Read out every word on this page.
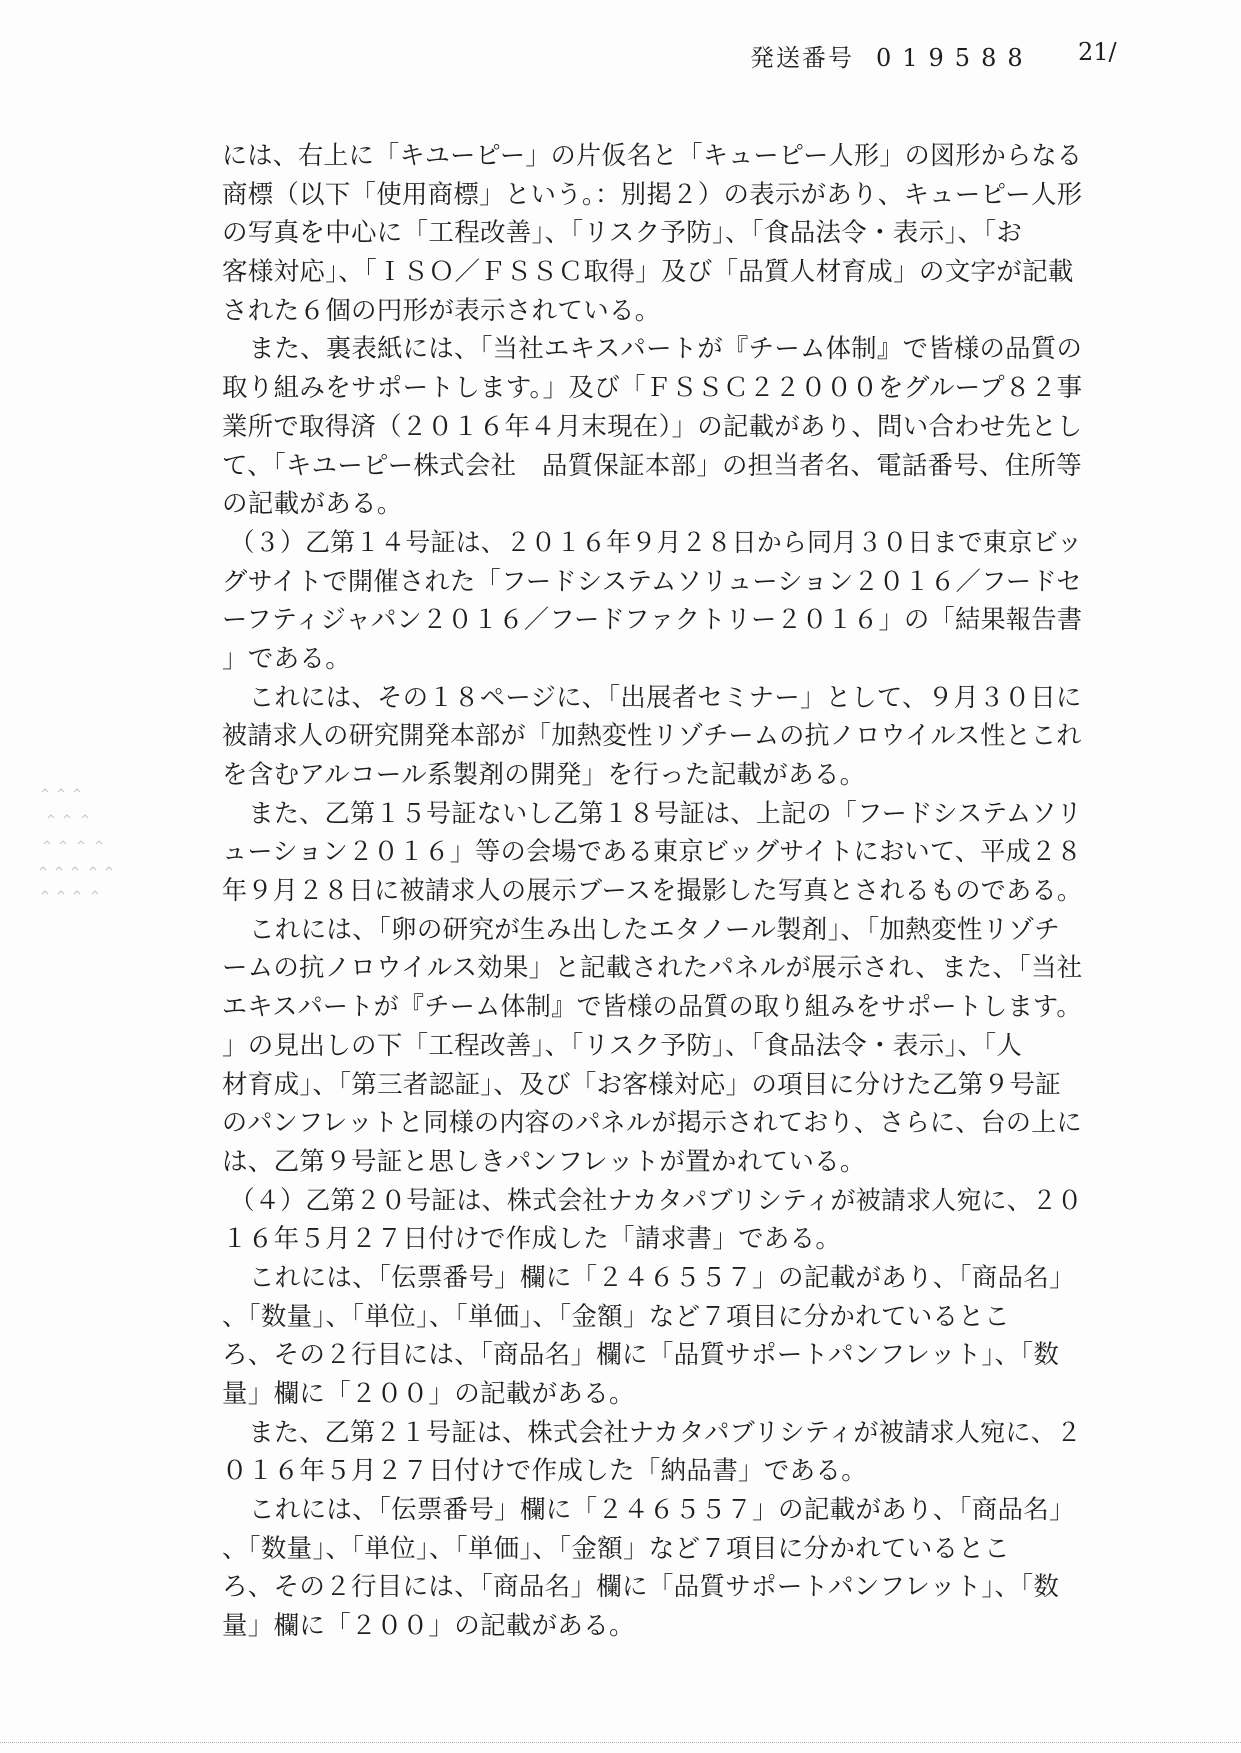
発送番号 019588 21/
には、右上に「キユーピー」の片仮名と「キューピー人形」の図形からなる
商標（以下「使用商標」という。：別掲２）の表示があり、キューピー人形
の写真を中心に「工程改善」、「リスク予防」、「食品法令・表示」、「お
客様対応」、「ＩＳＯ／ＦＳＳＣ取得」及び「品質人材育成」の文字が記載
された６個の円形が表示されている。
また、裏表紙には、「当社エキスパートが『チーム体制』で皆様の品質の
取り組みをサポートします。」及び「ＦＳＳＣ２２０００をグループ８２事
業所で取得済（２０１６年４月末現在）」の記載があり、問い合わせ先とし
て、「キユーピー株式会社　品質保証本部」の担当者名、電話番号、住所等
の記載がある。
（３）乙第１４号証は、２０１６年９月２８日から同月３０日まで東京ビッ
グサイトで開催された「フードシステムソリューション２０１６／フードセ
ーフティジャパン２０１６／フードファクトリー２０１６」の「結果報告書
」である。
これには、その１８ページに、「出展者セミナー」として、９月３０日に
被請求人の研究開発本部が「加熱変性リゾチームの抗ノロウイルス性とこれ
を含むアルコール系製剤の開発」を行った記載がある。
また、乙第１５号証ないし乙第１８号証は、上記の「フードシステムソリ
ューション２０１６」等の会場である東京ビッグサイトにおいて、平成２８
年９月２８日に被請求人の展示ブースを撮影した写真とされるものである。
これには、「卵の研究が生み出したエタノール製剤」、「加熱変性リゾチ
ームの抗ノロウイルス効果」と記載されたパネルが展示され、また、「当社
エキスパートが『チーム体制』で皆様の品質の取り組みをサポートします。
」の見出しの下「工程改善」、「リスク予防」、「食品法令・表示」、「人
材育成」、「第三者認証」、及び「お客様対応」の項目に分けた乙第９号証
のパンフレットと同様の内容のパネルが掲示されており、さらに、台の上に
は、乙第９号証と思しきパンフレットが置かれている。
（４）乙第２０号証は、株式会社ナカタパブリシティが被請求人宛に、２０
１６年５月２７日付けで作成した「請求書」である。
これには、「伝票番号」欄に「２４６５５７」の記載があり、「商品名」
、「数量」、「単位」、「単価」、「金額」など７項目に分かれているとこ
ろ、その２行目には、「商品名」欄に「品質サポートパンフレット」、「数
量」欄に「２００」の記載がある。
また、乙第２１号証は、株式会社ナカタパブリシティが被請求人宛に、２
０１６年５月２７日付けで作成した「納品書」である。
これには、「伝票番号」欄に「２４６５５７」の記載があり、「商品名」
、「数量」、「単位」、「単価」、「金額」など７項目に分かれているとこ
ろ、その２行目には、「商品名」欄に「品質サポートパンフレット」、「数
量」欄に「２００」の記載がある。
